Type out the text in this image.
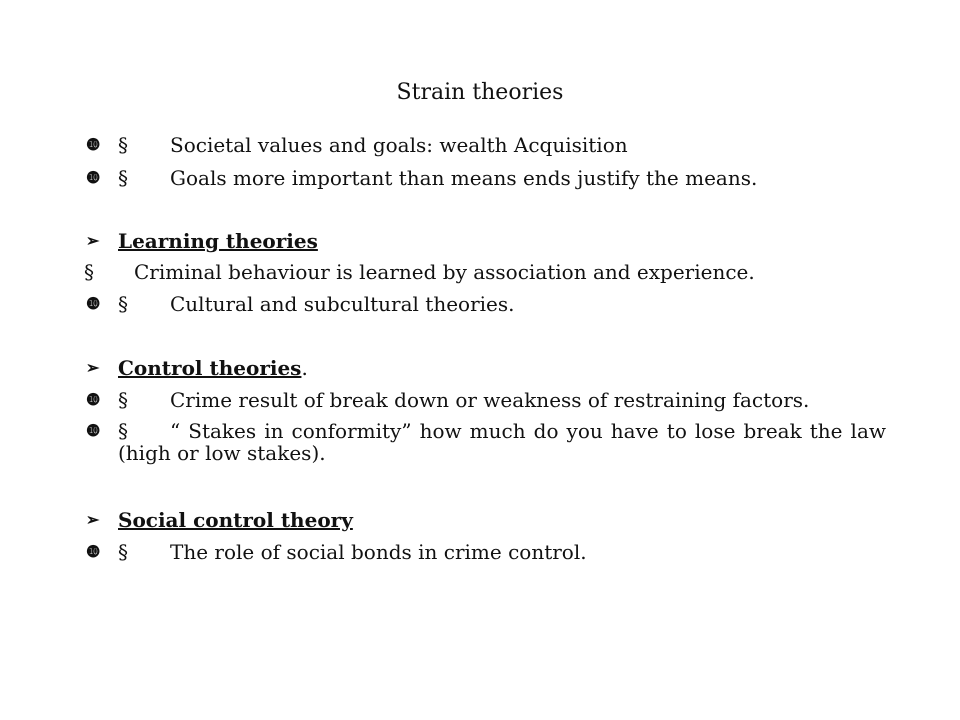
Strain theories
❿ § Societal values and goals: wealth Acquisition
❿ § Goals more important than means ends justify the means.
➢ Learning theories
§ Criminal behaviour is learned by association and experience.
❿ § Cultural and subcultural theories.
➢ Control theories.
❿ § Crime result of break down or weakness of restraining factors.
❿ § “ Stakes in conformity” how much do you have to lose break the law (high or low stakes).
➢ Social control theory
❿ § The role of social bonds in crime control.
